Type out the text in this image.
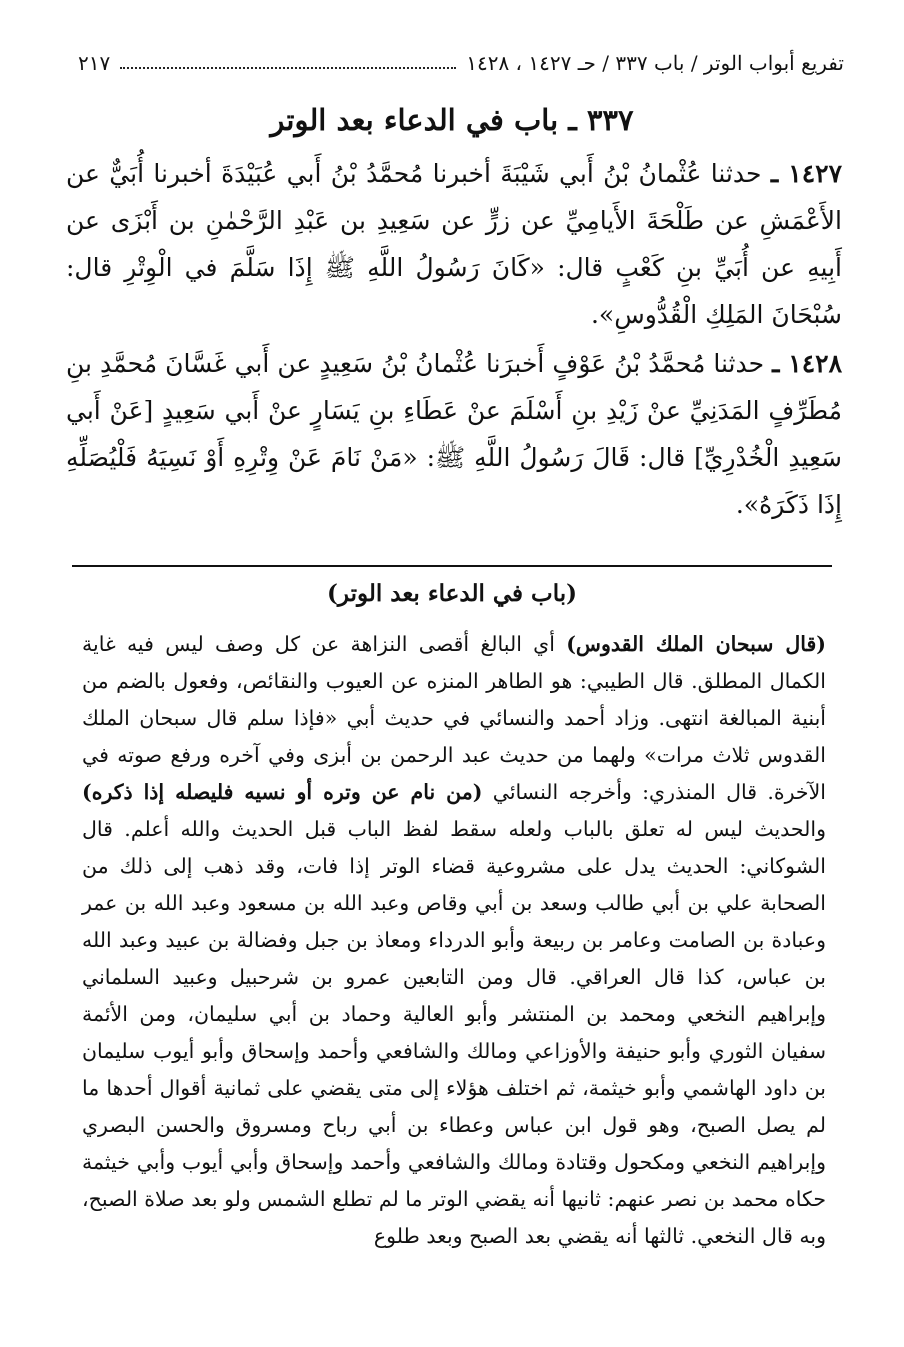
تفريع أبواب الوتر / باب ٣٣٧ / حـ ١٤٢٧ ، ١٤٢٨
٢١٧
٣٣٧ ـ باب في الدعاء بعد الوتر

١٤٢٧ ـ حدثنا عُثْمانُ بْنُ أَبي شَيْبَةَ أخبرنا مُحمَّدُ بْنُ أَبي عُبَيْدَةَ أخبرنا أُبَيٌّ عن الأَعْمَشِ عن طَلْحَةَ الأَيامِيِّ عن زرٍّ عن سَعِيدِ بن عَبْدِ الرَّحْمٰنِ بن أَبْزَى عن أَبِيهِ عن أُبَيِّ بنِ كَعْبٍ قال: «كَانَ رَسُولُ اللَّهِ ﷺ إِذَا سَلَّمَ في الْوِتْرِ قال: سُبْحَانَ المَلِكِ الْقُدُّوسِ».

١٤٢٨ ـ حدثنا مُحمَّدُ بْنُ عَوْفٍ أَخبرَنا عُثْمانُ بْنُ سَعِيدٍ عن أَبي غَسَّانَ مُحمَّدِ بنِ مُطَرِّفٍ المَدَنِيِّ عنْ زَيْدِ بنِ أَسْلَمَ عنْ عَطَاءِ بنِ يَسَارٍ عنْ أَبي سَعِيدٍ [عَنْ أَبي سَعِيدِ الْخُدْرِيِّ] قال: قَالَ رَسُولُ اللَّهِ ﷺ: «مَنْ نَامَ عَنْ وِتْرِهِ أَوْ نَسِيَهُ فَلْيُصَلِّهِ إِذَا ذَكَرَهُ».

(باب في الدعاء بعد الوتر)

(قال سبحان الملك القدوس) أي البالغ أقصى النزاهة عن كل وصف ليس فيه غاية الكمال المطلق. قال الطيبي: هو الطاهر المنزه عن العيوب والنقائص، وفعول بالضم من أبنية المبالغة انتهى. وزاد أحمد والنسائي في حديث أبي «فإذا سلم قال سبحان الملك القدوس ثلاث مرات» ولهما من حديث عبد الرحمن بن أبزى وفي آخره ورفع صوته في الآخرة. قال المنذري: وأخرجه النسائي (من نام عن وتره أو نسيه فليصله إذا ذكره) والحديث ليس له تعلق بالباب ولعله سقط لفظ الباب قبل الحديث والله أعلم. قال الشوكاني: الحديث يدل على مشروعية قضاء الوتر إذا فات، وقد ذهب إلى ذلك من الصحابة علي بن أبي طالب وسعد بن أبي وقاص وعبد الله بن مسعود وعبد الله بن عمر وعبادة بن الصامت وعامر بن ربيعة وأبو الدرداء ومعاذ بن جبل وفضالة بن عبيد وعبد الله بن عباس، كذا قال العراقي. قال ومن التابعين عمرو بن شرحبيل وعبيد السلماني وإبراهيم النخعي ومحمد بن المنتشر وأبو العالية وحماد بن أبي سليمان، ومن الأئمة سفيان الثوري وأبو حنيفة والأوزاعي ومالك والشافعي وأحمد وإسحاق وأبو أيوب سليمان بن داود الهاشمي وأبو خيثمة، ثم اختلف هؤلاء إلى متى يقضي على ثمانية أقوال أحدها ما لم يصل الصبح، وهو قول ابن عباس وعطاء بن أبي رباح ومسروق والحسن البصري وإبراهيم النخعي ومكحول وقتادة ومالك والشافعي وأحمد وإسحاق وأبي أيوب وأبي خيثمة حكاه محمد بن نصر عنهم: ثانيها أنه يقضي الوتر ما لم تطلع الشمس ولو بعد صلاة الصبح، وبه قال النخعي. ثالثها أنه يقضي بعد الصبح وبعد طلوع
